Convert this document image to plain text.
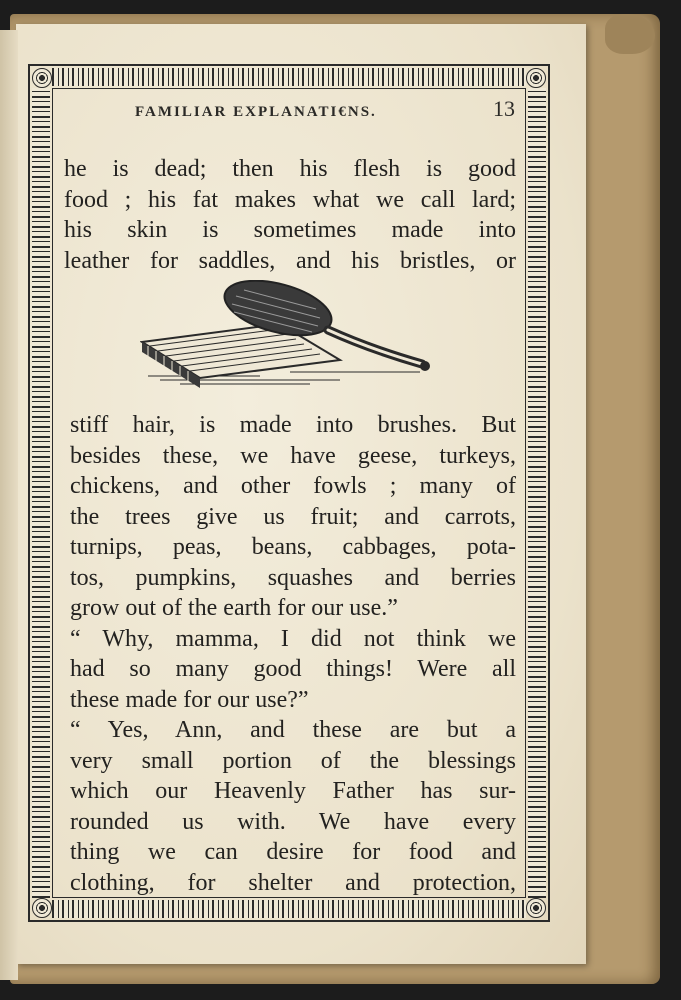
FAMILIAR EXPLANATI€NS.	13
he is dead; then his flesh is good
food ; his fat makes what we call lard;
his skin is sometimes made into
leather for saddles, and his bristles, or
stiff hair, is made into brushes. But
besides these, we have geese, turkeys,
chickens, and other fowls ; many of
the trees give us fruit; and carrots,
turnips, peas, beans, cabbages, pota-
tos, pumpkins, squashes and berries
grow out of the earth for our use.”
“ Why, mamma, I did not think we
had so many good things! Were all
these made for our use?”
“ Yes, Ann, and these are but a
very small portion of the blessings
which our Heavenly Father has sur-
rounded us with. We have every
thing we can desire for food and
clothing, for shelter and protection,
